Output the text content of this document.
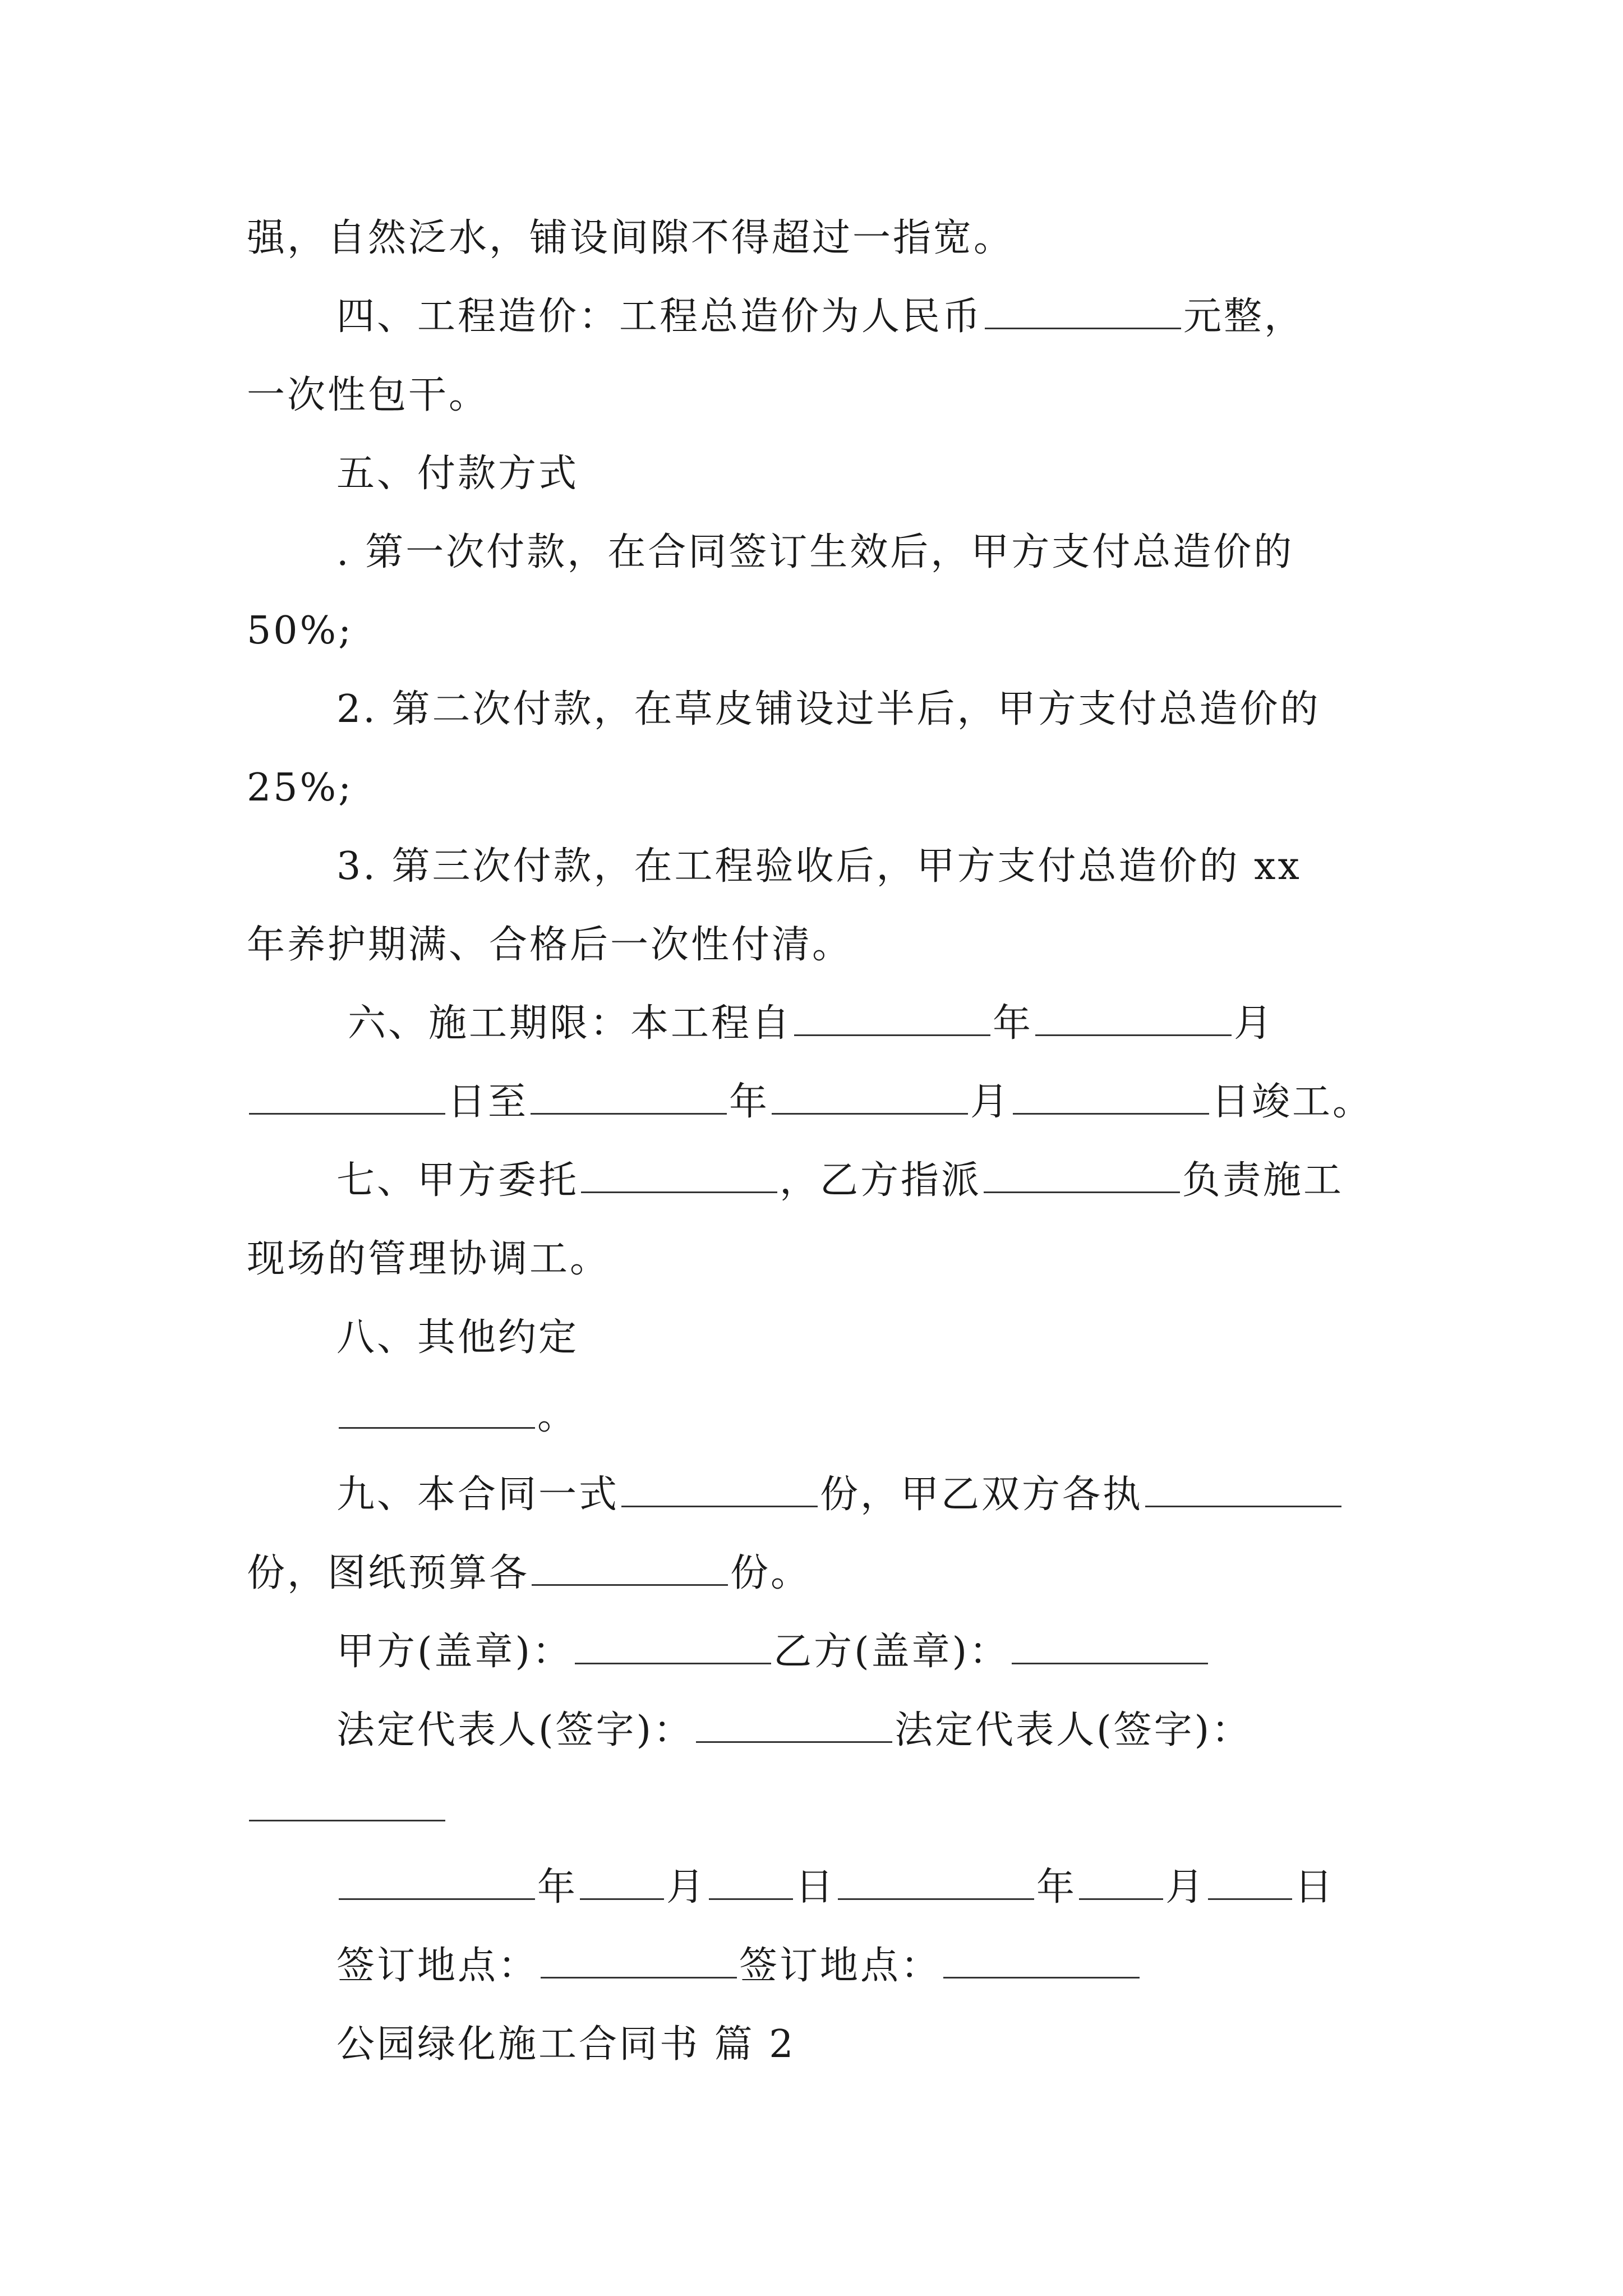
强，自然泛水，铺设间隙不得超过一指宽。
四、工程造价：工程总造价为人民币	元整，
一次性包干。
五、付款方式
. 第一次付款，在合同签订生效后，甲方支付总造价的
50%;
2. 第二次付款，在草皮铺设过半后，甲方支付总造价的
25%;
3. 第三次付款，在工程验收后，甲方支付总造价的 xx
年养护期满、合格后一次性付清。
六、施工期限：本工程自	年	月
日至	年	月	日竣工。
七、甲方委托	，乙方指派	负责施工
现场的管理协调工。
八、其他约定
。
九、本合同一式	份，甲乙双方各执
份，图纸预算各	份。
甲方(盖章)：	乙方(盖章)：
法定代表人(签字)：	法定代表人(签字)：
年 月 日	年 月 日
签订地点：	签订地点：
公园绿化施工合同书 篇 2
